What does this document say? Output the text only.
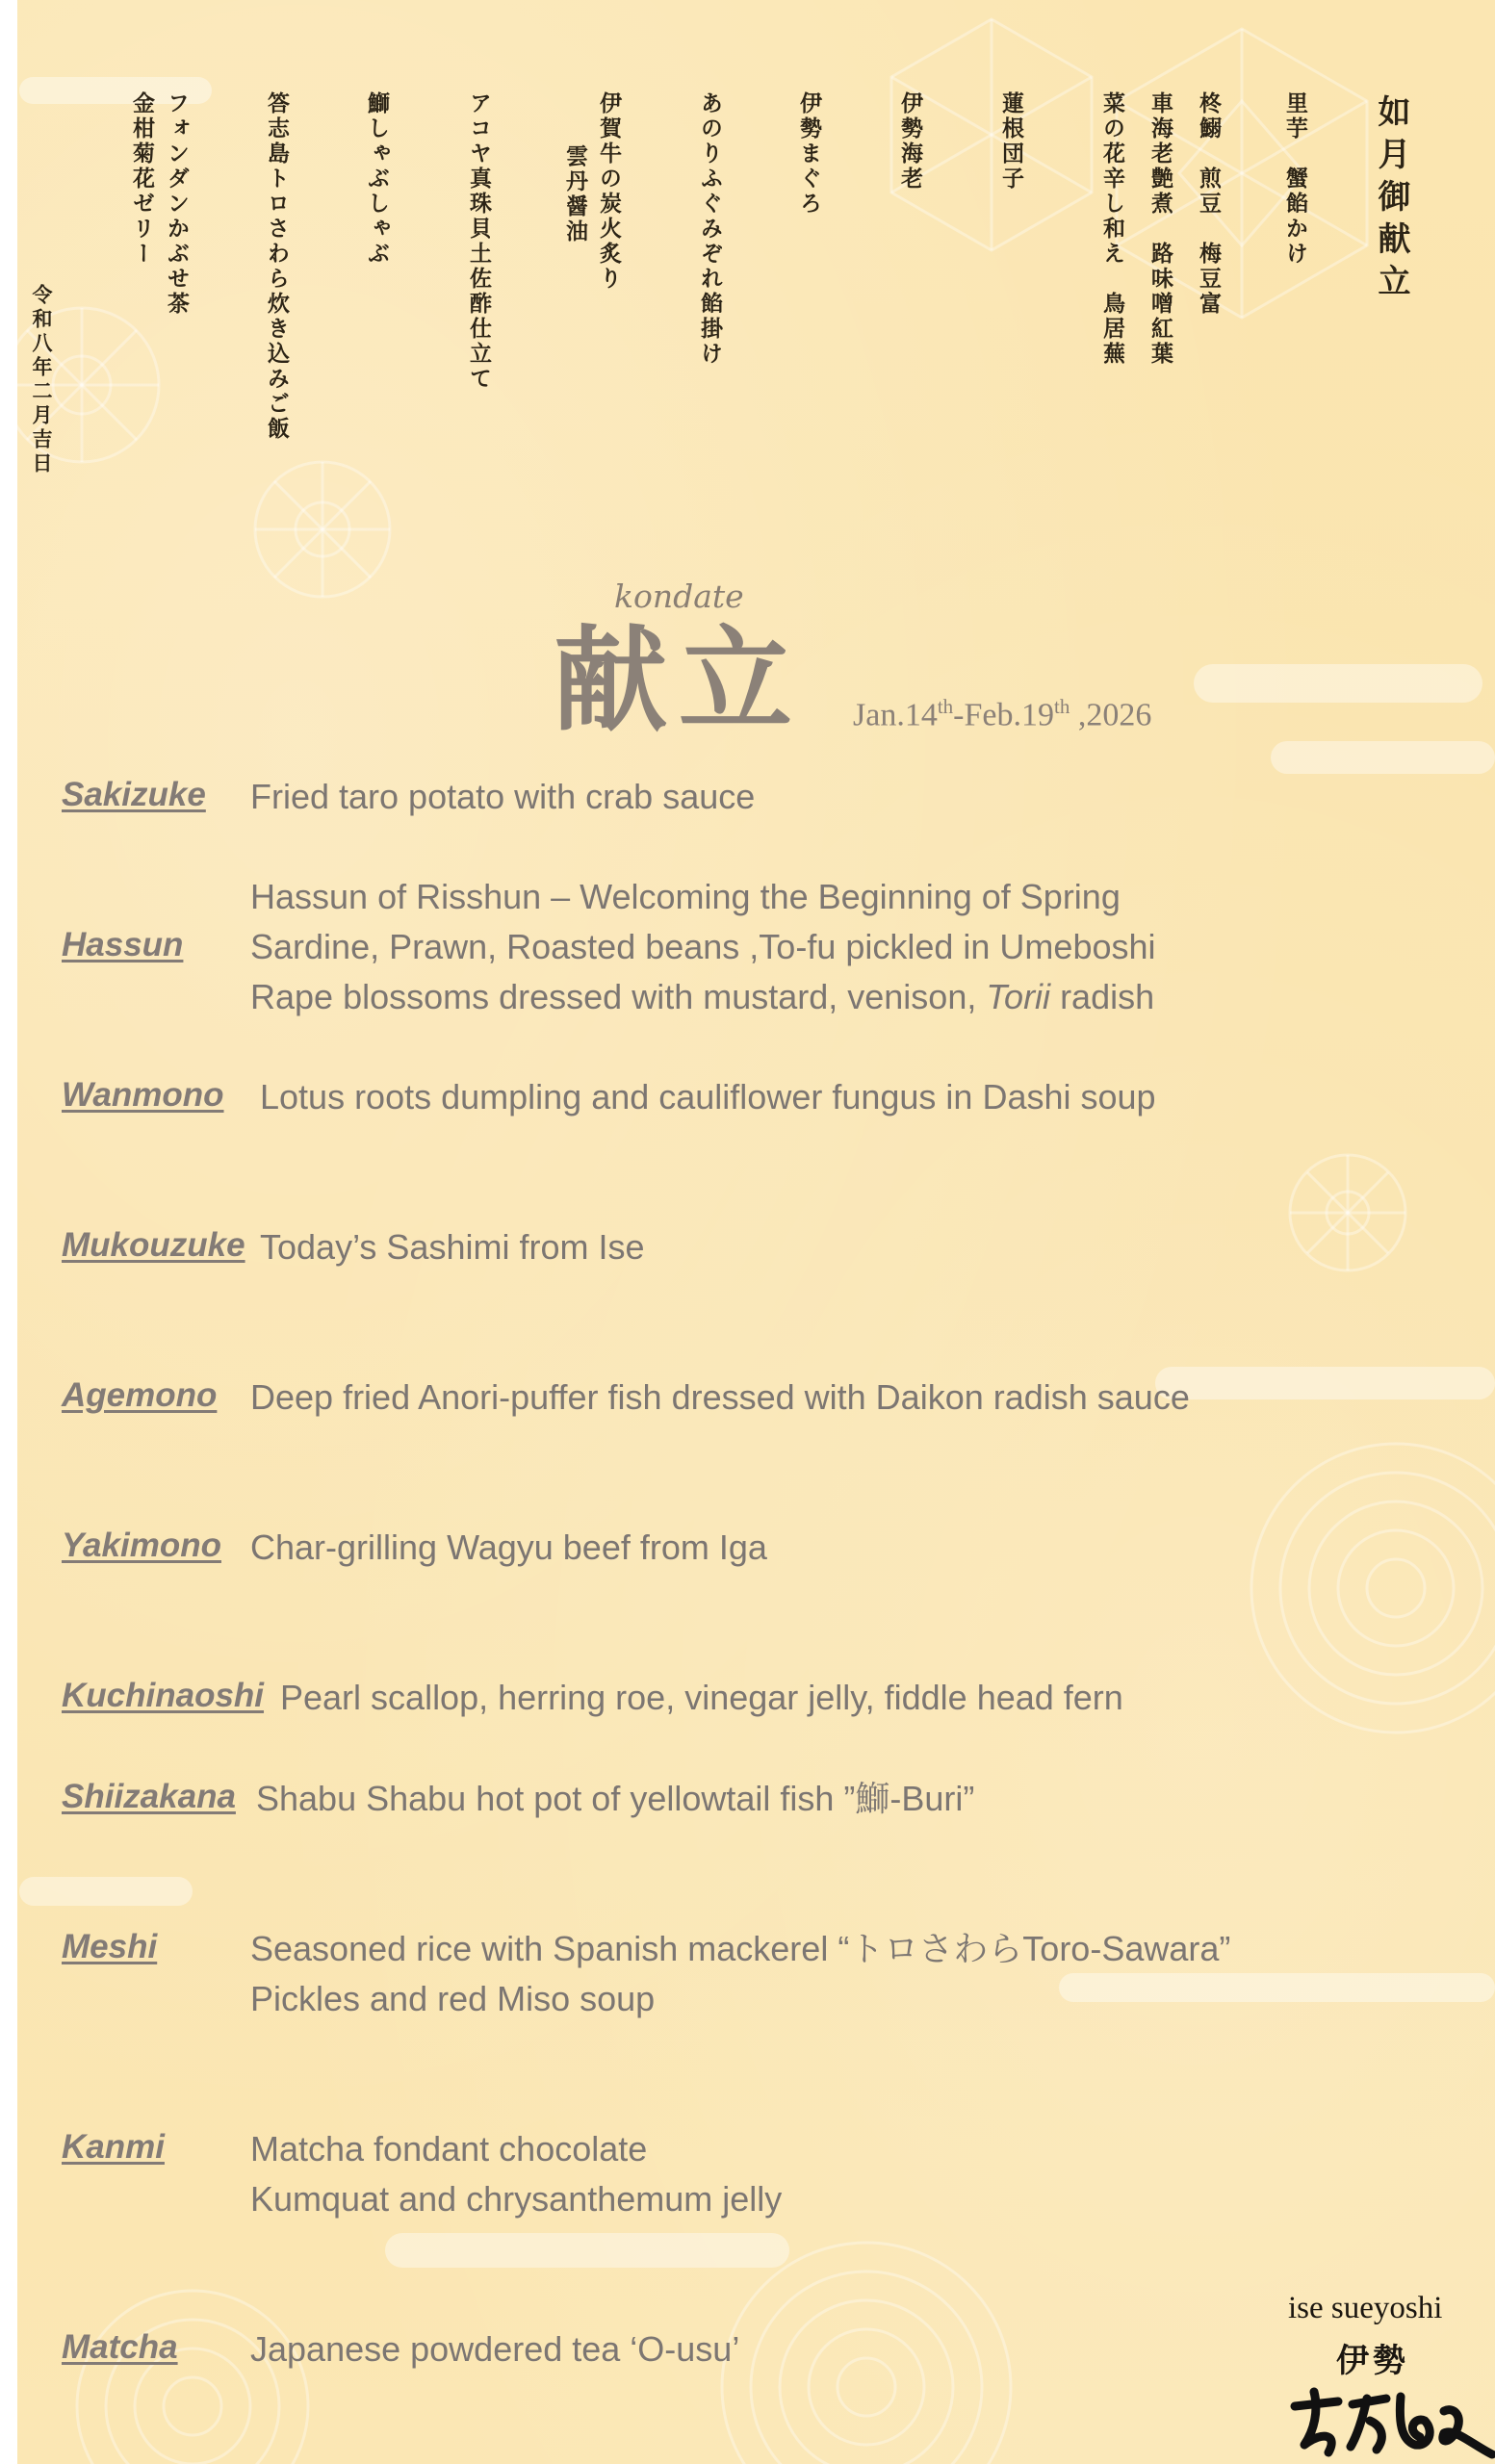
如月御献立
里芋　蟹餡かけ
柊鰯　煎豆　梅豆富
車海老艶煮　路味噌紅葉
菜の花辛し和え　鳥居蕪
蓮根団子
伊勢海老
伊勢まぐろ
あのりふぐみぞれ餡掛け
伊賀牛の炭火炙り
雲丹醤油
アコヤ真珠貝土佐酢仕立て
鰤しゃぶしゃぶ
答志島トロさわら炊き込みご飯
フォンダンかぶせ茶
金柑菊花ゼリー
令和八年二月吉日
kondate
献立 Jan.14th-Feb.19th ,2026
Sakizuke Fried taro potato with crab sauce
Hassun
Hassun of Risshun – Welcoming the Beginning of Spring
Sardine, Prawn, Roasted beans ,To-fu pickled in Umeboshi
Rape blossoms dressed with mustard, venison, Torii radish
Wanmono Lotus roots dumpling and cauliflower fungus in Dashi soup
Mukouzuke Today’s Sashimi from Ise
Agemono Deep fried Anori-puffer fish dressed with Daikon radish sauce
Yakimono Char-grilling Wagyu beef from Iga
Kuchinaoshi Pearl scallop, herring roe, vinegar jelly, fiddle head fern
Shiizakana Shabu Shabu hot pot of yellowtail fish ”鰤-Buri”
Meshi	Seasoned rice with Spanish mackerel “トロさわらToro-Sawara”
Pickles and red Miso soup
Kanmi Matcha fondant chocolate
Kumquat and chrysanthemum jelly
Matcha Japanese powdered tea ‘O-usu’
ise sueyoshi
伊勢
